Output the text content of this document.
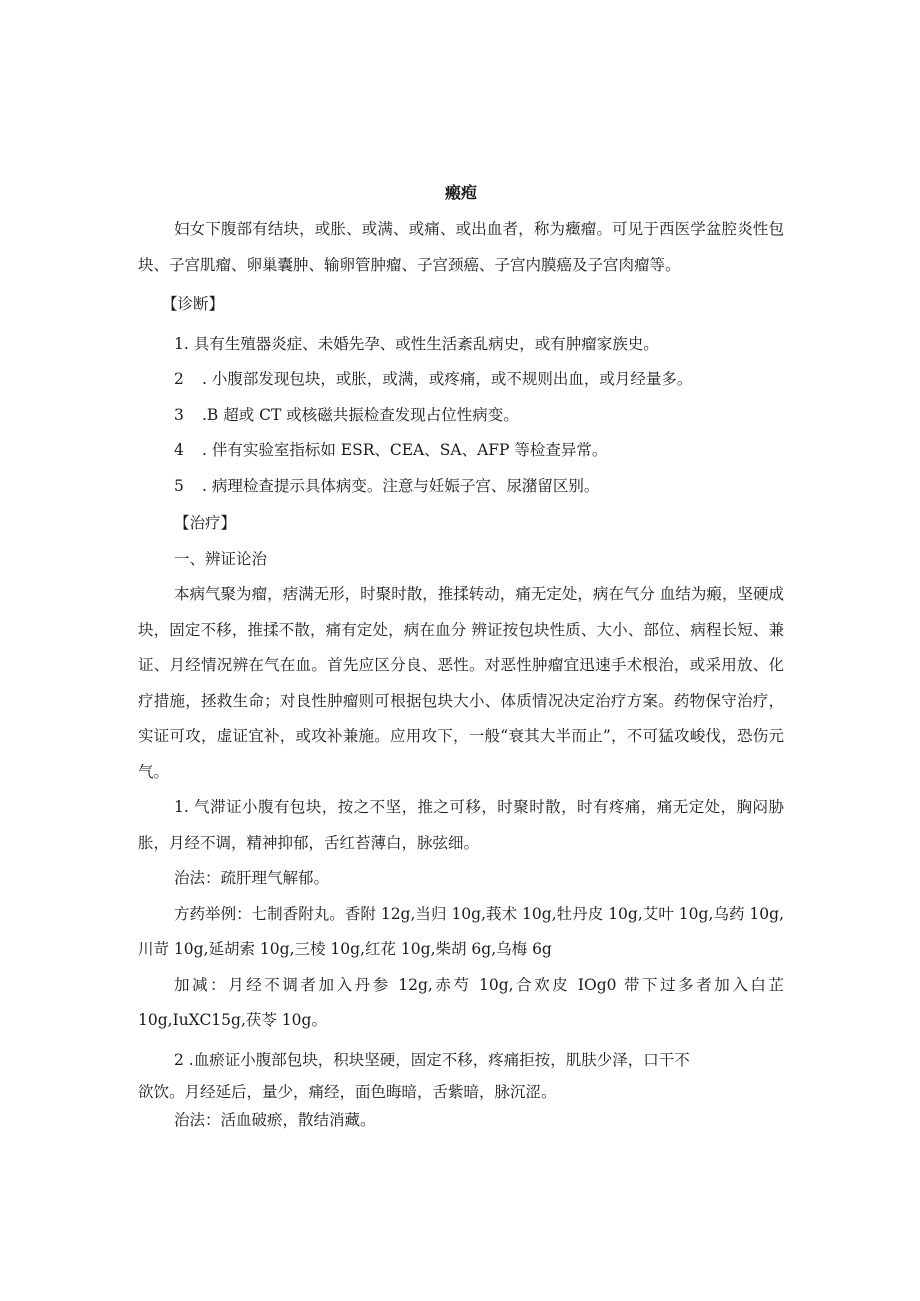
瘢疱

妇女下腹部有结块，或胀、或满、或痛、或出血者，称为癥瘤。可见于西医学盆腔炎性包块、子宫肌瘤、卵巢囊肿、输卵管肿瘤、子宫颈癌、子宫内膜癌及子宫肉瘤等。

【诊断】

1. 具有生殖器炎症、未婚先孕、或性生活紊乱病史，或有肿瘤家族史。

2 . 小腹部发现包块，或胀，或满，或疼痛，或不规则出血，或月经量多。

3 .B 超或 CT 或核磁共振检查发现占位性病变。

4 . 伴有实验室指标如 ESR、CEA、SA、AFP 等检查异常。

5 . 病理检查提示具体病变。注意与妊娠子宫、尿潴留区别。

【治疗】

一、辨证论治

本病气聚为瘤，痞满无形，时聚时散，推揉转动，痛无定处，病在气分 血结为瘢，坚硬成块，固定不移，推揉不散，痛有定处，病在血分 辨证按包块性质、大小、部位、病程长短、兼证、月经情况辨在气在血。首先应区分良、恶性。对恶性肿瘤宜迅速手术根治，或采用放、化疗措施，拯救生命；对良性肿瘤则可根据包块大小、体质情况决定治疗方案。药物保守治疗，实证可攻，虚证宜补，或攻补兼施。应用攻下，一般“衰其大半而止”，不可猛攻峻伐，恐伤元气。

1. 气滞证小腹有包块，按之不坚，推之可移，时聚时散，时有疼痛，痛无定处，胸闷胁胀，月经不调，精神抑郁，舌红苔薄白，脉弦细。

治法：疏肝理气解郁。

方药举例：七制香附丸。香附 12g,当归 10g,莪术 10g,牡丹皮 10g,艾叶 10g,乌药 10g,川苛 10g,延胡索 10g,三棱 10g,红花 10g,柴胡 6g,乌梅 6g

加减：月经不调者加入丹参 12g,赤芍 10g,合欢皮 IOg0 带下过多者加入白芷 10g,IuXC15g,茯苓 10g。

2 .血瘀证小腹部包块，积块坚硬，固定不移，疼痛拒按，肌肤少泽，口干不

欲饮。月经延后，量少，痛经，面色晦暗，舌紫暗，脉沉涩。

治法：活血破瘀，散结消藏。
